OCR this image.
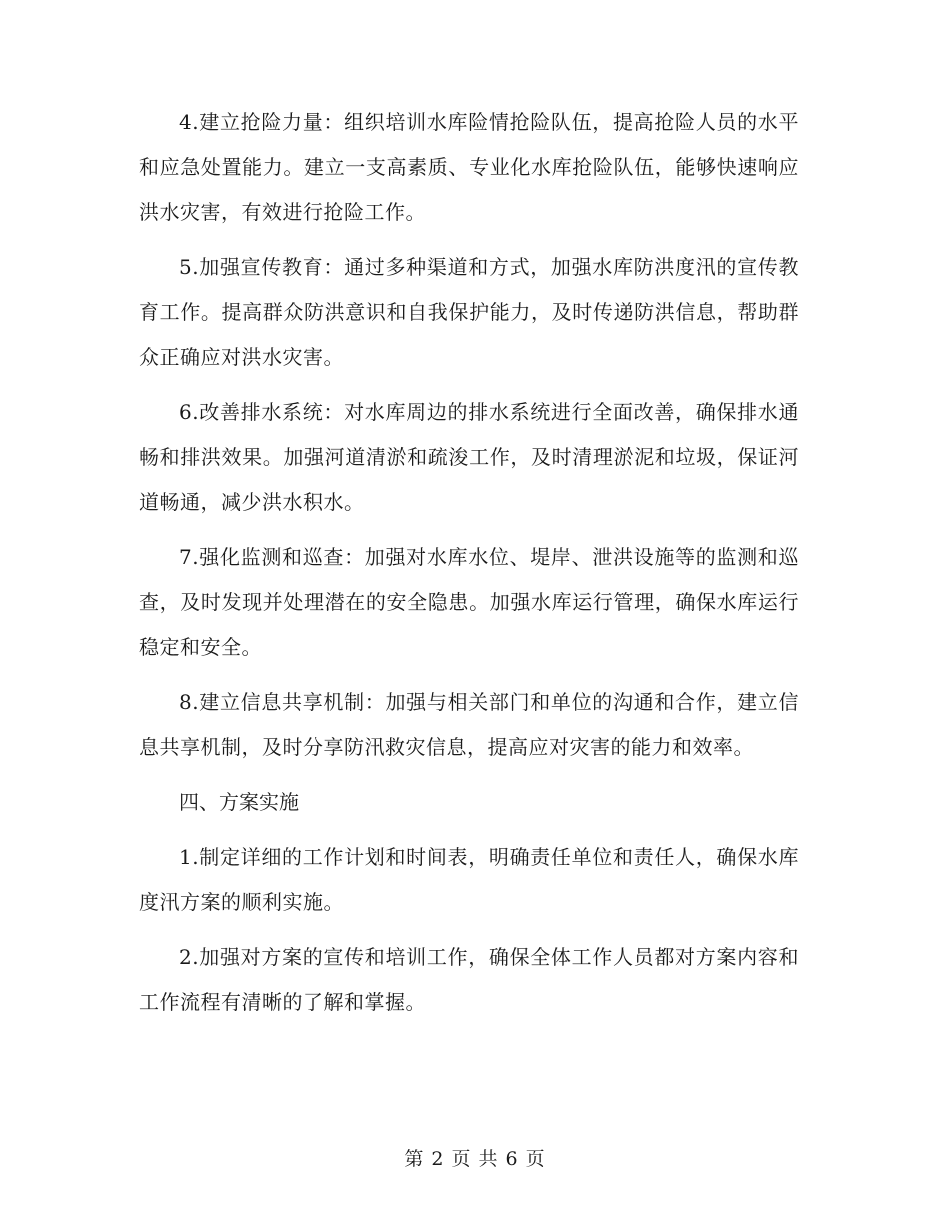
4.建立抢险力量：组织培训水库险情抢险队伍，提高抢险人员的水平和应急处置能力。建立一支高素质、专业化水库抢险队伍，能够快速响应洪水灾害，有效进行抢险工作。

5.加强宣传教育：通过多种渠道和方式，加强水库防洪度汛的宣传教育工作。提高群众防洪意识和自我保护能力，及时传递防洪信息，帮助群众正确应对洪水灾害。

6.改善排水系统：对水库周边的排水系统进行全面改善，确保排水通畅和排洪效果。加强河道清淤和疏浚工作，及时清理淤泥和垃圾，保证河道畅通，减少洪水积水。

7.强化监测和巡查：加强对水库水位、堤岸、泄洪设施等的监测和巡查，及时发现并处理潜在的安全隐患。加强水库运行管理，确保水库运行稳定和安全。

8.建立信息共享机制：加强与相关部门和单位的沟通和合作，建立信息共享机制，及时分享防汛救灾信息，提高应对灾害的能力和效率。

四、方案实施

1.制定详细的工作计划和时间表，明确责任单位和责任人，确保水库度汛方案的顺利实施。

2.加强对方案的宣传和培训工作，确保全体工作人员都对方案内容和工作流程有清晰的了解和掌握。

第 2 页 共 6 页
